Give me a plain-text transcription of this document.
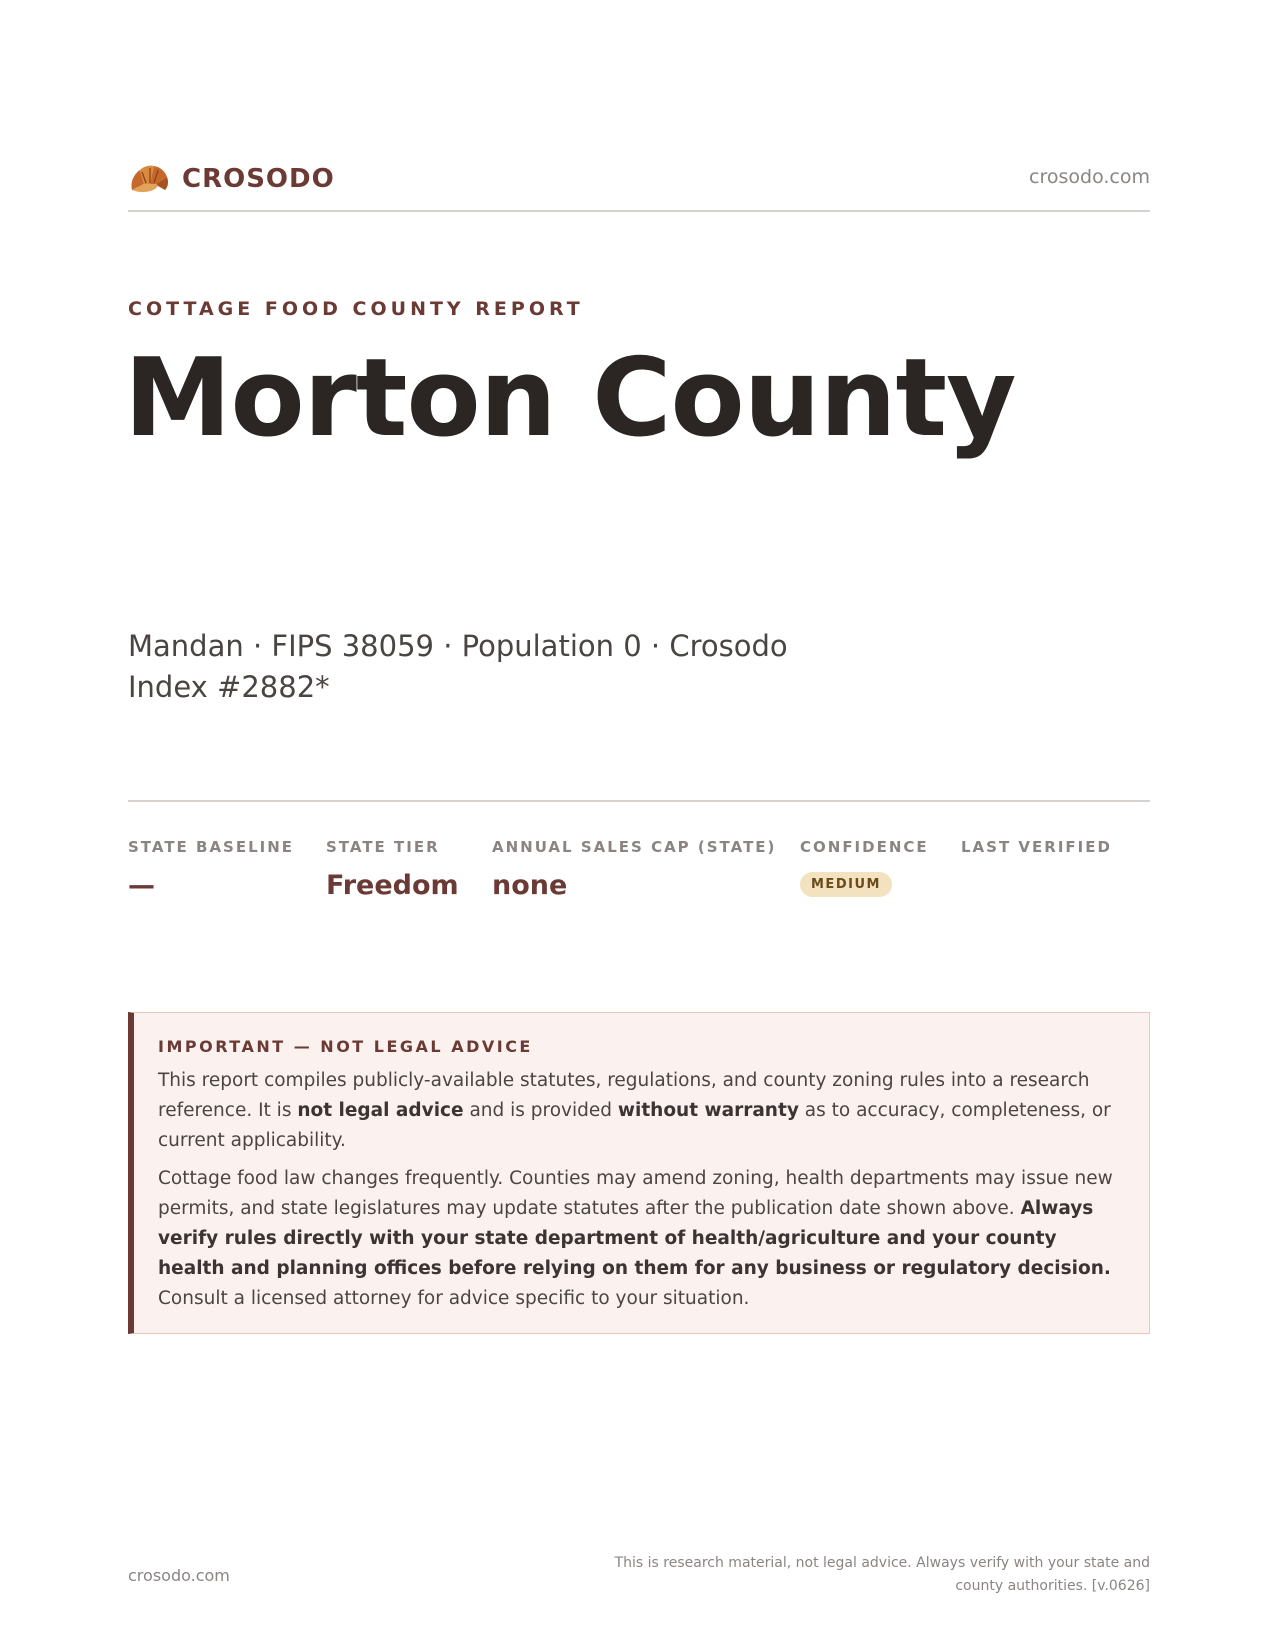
CROSODO	crosodo.com
COTTAGE FOOD COUNTY REPORT
Morton County
Mandan · FIPS 38059 · Population 0 · Crosodo Index #2882*
STATE BASELINE
—
STATE TIER
Freedom
ANNUAL SALES CAP (STATE)
none
CONFIDENCE
MEDIUM
LAST VERIFIED
IMPORTANT — NOT LEGAL ADVICE

This report compiles publicly-available statutes, regulations, and county zoning rules into a research reference. It is not legal advice and is provided without warranty as to accuracy, completeness, or current applicability.

Cottage food law changes frequently. Counties may amend zoning, health departments may issue new permits, and state legislatures may update statutes after the publication date shown above. Always verify rules directly with your state department of health/agriculture and your county health and planning offices before relying on them for any business or regulatory decision. Consult a licensed attorney for advice specific to your situation.

crosodo.com
This is research material, not legal advice. Always verify with your state and county authorities. [v.0626]
